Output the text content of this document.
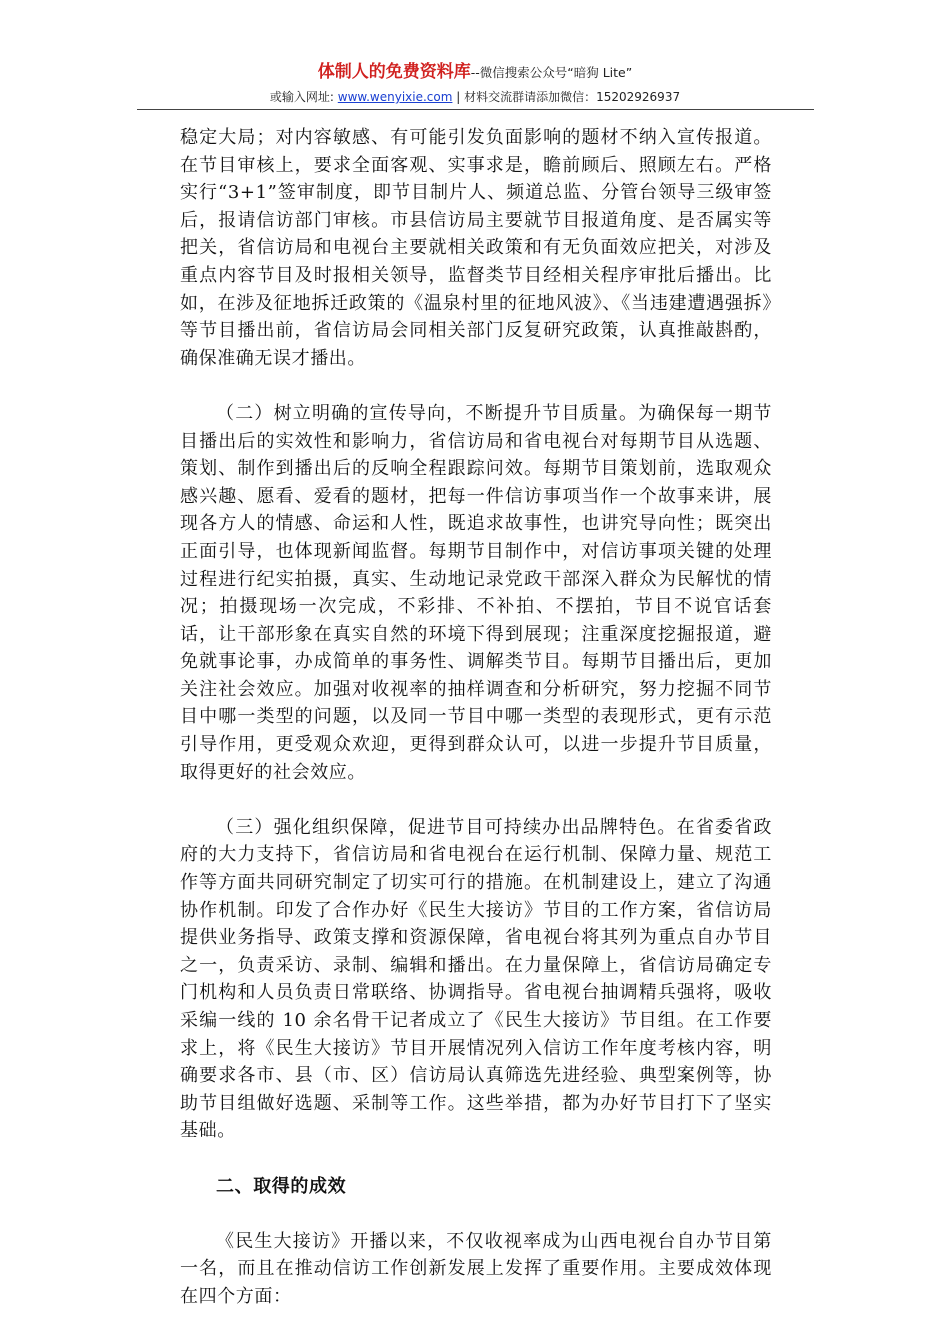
体制人的免费资料库--微信搜索公众号“暗狗 Lite”
或输入网址: www.wenyixie.com | 材料交流群请添加微信：15202926937

稳定大局；对内容敏感、有可能引发负面影响的题材不纳入宣传报道。在节目审核上，要求全面客观、实事求是，瞻前顾后、照顾左右。严格实行“3+1”签审制度，即节目制片人、频道总监、分管台领导三级审签后，报请信访部门审核。市县信访局主要就节目报道角度、是否属实等把关，省信访局和电视台主要就相关政策和有无负面效应把关，对涉及重点内容节目及时报相关领导，监督类节目经相关程序审批后播出。比如，在涉及征地拆迁政策的《温泉村里的征地风波》、《当违建遭遇强拆》等节目播出前，省信访局会同相关部门反复研究政策，认真推敲斟酌，确保准确无误才播出。

（二）树立明确的宣传导向，不断提升节目质量。为确保每一期节目播出后的实效性和影响力，省信访局和省电视台对每期节目从选题、策划、制作到播出后的反响全程跟踪问效。每期节目策划前，选取观众感兴趣、愿看、爱看的题材，把每一件信访事项当作一个故事来讲，展现各方人的情感、命运和人性，既追求故事性，也讲究导向性；既突出正面引导，也体现新闻监督。每期节目制作中，对信访事项关键的处理过程进行纪实拍摄，真实、生动地记录党政干部深入群众为民解忧的情况；拍摄现场一次完成，不彩排、不补拍、不摆拍，节目不说官话套话，让干部形象在真实自然的环境下得到展现；注重深度挖掘报道，避免就事论事，办成简单的事务性、调解类节目。每期节目播出后，更加关注社会效应。加强对收视率的抽样调查和分析研究，努力挖掘不同节目中哪一类型的问题，以及同一节目中哪一类型的表现形式，更有示范引导作用，更受观众欢迎，更得到群众认可，以进一步提升节目质量，取得更好的社会效应。

（三）强化组织保障，促进节目可持续办出品牌特色。在省委省政府的大力支持下，省信访局和省电视台在运行机制、保障力量、规范工作等方面共同研究制定了切实可行的措施。在机制建设上，建立了沟通协作机制。印发了合作办好《民生大接访》节目的工作方案，省信访局提供业务指导、政策支撑和资源保障，省电视台将其列为重点自办节目之一，负责采访、录制、编辑和播出。在力量保障上，省信访局确定专门机构和人员负责日常联络、协调指导。省电视台抽调精兵强将，吸收采编一线的 10 余名骨干记者成立了《民生大接访》节目组。在工作要求上，将《民生大接访》节目开展情况列入信访工作年度考核内容，明确要求各市、县（市、区）信访局认真筛选先进经验、典型案例等，协助节目组做好选题、采制等工作。这些举措，都为办好节目打下了坚实基础。

二、取得的成效

《民生大接访》开播以来，不仅收视率成为山西电视台自办节目第一名，而且在推动信访工作创新发展上发挥了重要作用。主要成效体现在四个方面：
